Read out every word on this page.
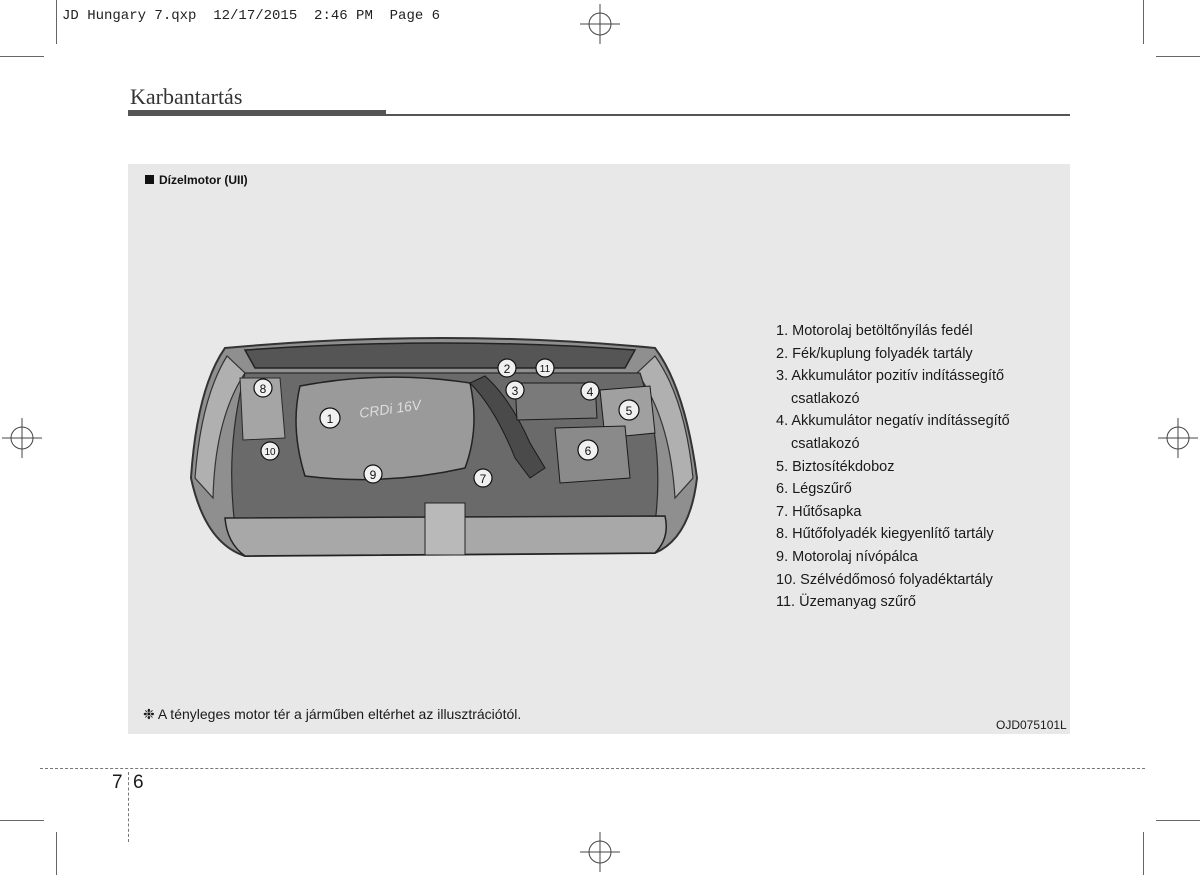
JD Hungary 7.qxp  12/17/2015  2:46 PM  Page 6
Karbantartás
Dízelmotor (UII)
CRDi 16V
1
2
3	4
5
6
7
8
9
10
11
1. Motorolaj betöltőnyílás fedél
2. Fék/kuplung folyadék tartály
3. Akkumulátor pozitív indítássegítő
csatlakozó
4. Akkumulátor negatív indítássegítő
csatlakozó
5. Biztosítékdoboz
6. Légszűrő
7. Hűtősapka
8. Hűtőfolyadék kiegyenlítő tartály
9. Motorolaj nívópálca
10. Szélvédőmosó folyadéktartály
11. Üzemanyag szűrő
❉ A tényleges motor tér a járműben eltérhet az illusztrációtól.
OJD075101L
7 6
